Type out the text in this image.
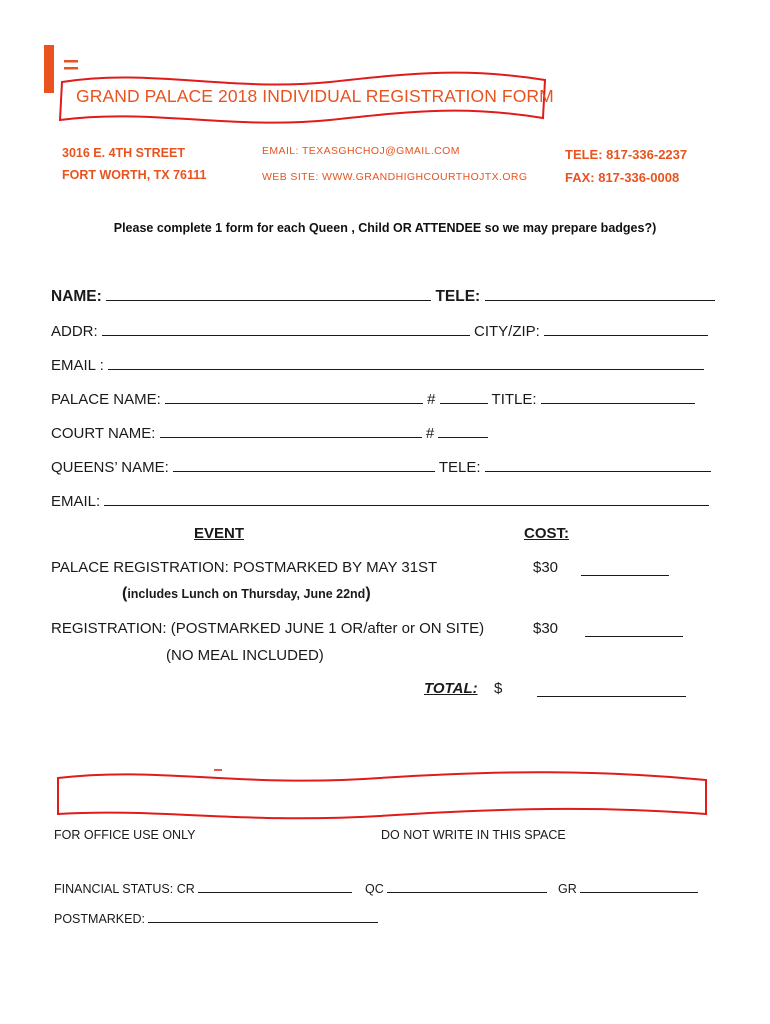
GRAND PALACE 2018 INDIVIDUAL REGISTRATION FORM
3016 E. 4TH STREET
FORT WORTH, TX 76111
EMAIL: TEXASGHCHOJ@GMAIL.COM
WEB SITE: WWW.GRANDHIGHCOURTHOJTX.ORG
TELE: 817-336-2237
FAX: 817-336-0008
Please complete 1 form for each Queen , Child OR ATTENDEE so we may prepare badges?)
NAME:	TELE:
ADDR:	CITY/ZIP:
EMAIL :
PALACE NAME:	#	TITLE:
COURT NAME:	#
QUEENS’ NAME:	TELE:
EMAIL:
EVENT	COST:
PALACE REGISTRATION: POSTMARKED BY MAY 31ST	$30
(includes Lunch on Thursday, June 22nd)
REGISTRATION: (POSTMARKED JUNE 1 OR/after or ON SITE)	$30
(NO MEAL INCLUDED)
TOTAL: $
FOR OFFICE USE ONLY	DO NOT WRITE IN THIS SPACE
FINANCIAL STATUS: CR	QC	GR
POSTMARKED:
